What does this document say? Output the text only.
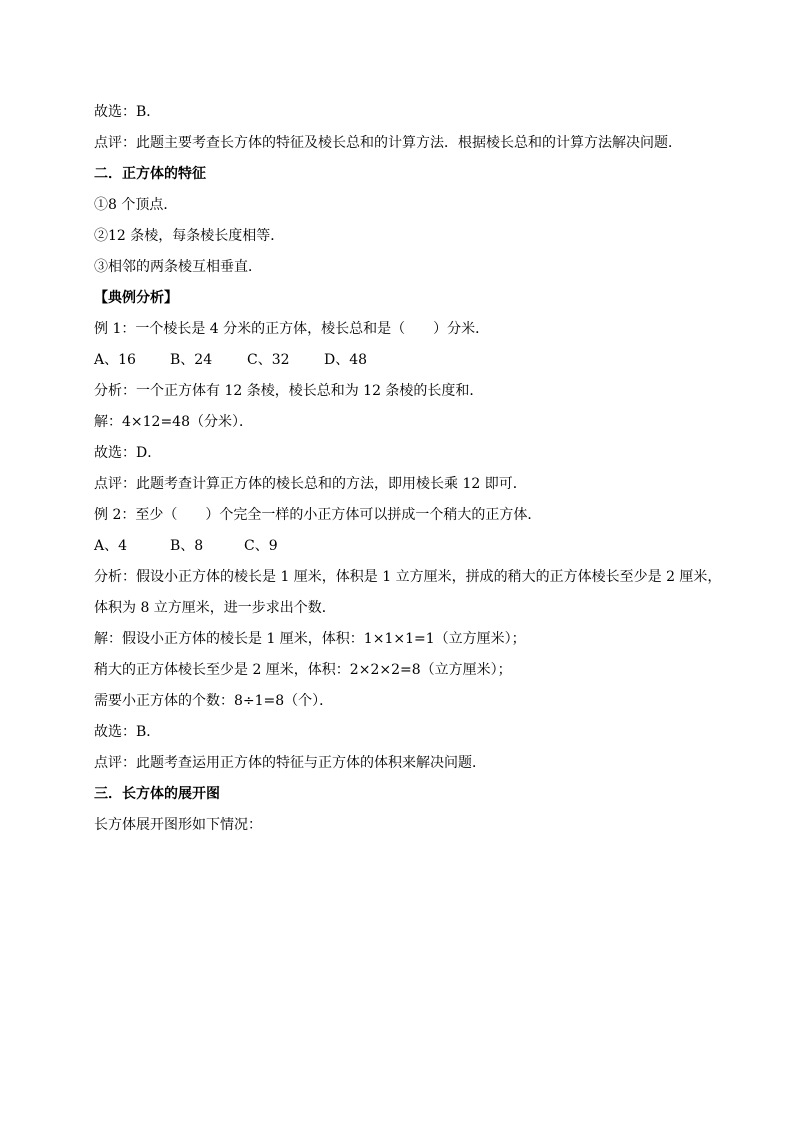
故选：B．
点评：此题主要考查长方体的特征及棱长总和的计算方法．根据棱长总和的计算方法解决问题．
二．正方体的特征
①8 个顶点．
②12 条棱，每条棱长度相等．
③相邻的两条棱互相垂直．
【典例分析】
例 1：一个棱长是 4 分米的正方体，棱长总和是（　　）分米．
A、16 B、24 C、32 D、48
分析：一个正方体有 12 条棱，棱长总和为 12 条棱的长度和．
解：4×12=48（分米）．
故选：D．
点评：此题考查计算正方体的棱长总和的方法，即用棱长乘 12 即可．
例 2：至少（　　）个完全一样的小正方体可以拼成一个稍大的正方体．
A、4	B、8	C、9
分析：假设小正方体的棱长是 1 厘米，体积是 1 立方厘米，拼成的稍大的正方体棱长至少是 2 厘米，
体积为 8 立方厘米，进一步求出个数．
解：假设小正方体的棱长是 1 厘米，体积：1×1×1=1（立方厘米）；
稍大的正方体棱长至少是 2 厘米，体积：2×2×2=8（立方厘米）；
需要小正方体的个数：8÷1=8（个）．
故选：B．
点评：此题考查运用正方体的特征与正方体的体积来解决问题．
三．长方体的展开图
长方体展开图形如下情况：
